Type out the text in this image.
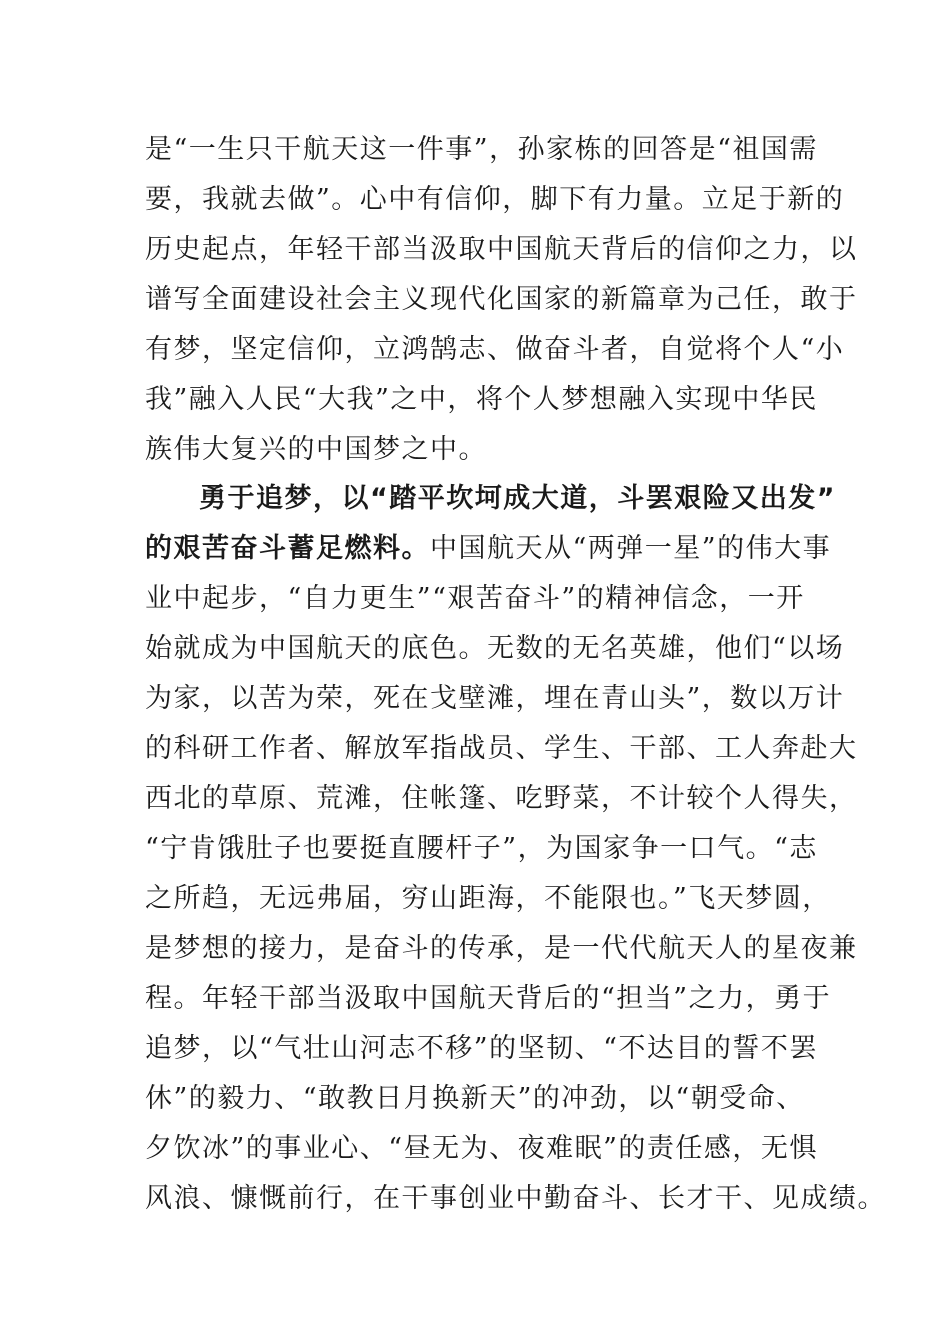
是“一生只干航天这一件事”，孙家栋的回答是“祖国需
要，我就去做”。心中有信仰，脚下有力量。立足于新的
历史起点，年轻干部当汲取中国航天背后的信仰之力，以
谱写全面建设社会主义现代化国家的新篇章为己任，敢于
有梦，坚定信仰，立鸿鹄志、做奋斗者，自觉将个人“小
我”融入人民“大我”之中，将个人梦想融入实现中华民
族伟大复兴的中国梦之中。
勇于追梦，以“踏平坎坷成大道，斗罢艰险又出发”
的艰苦奋斗蓄足燃料。中国航天从“两弹一星”的伟大事
业中起步，“自力更生”“艰苦奋斗”的精神信念，一开
始就成为中国航天的底色。无数的无名英雄，他们“以场
为家，以苦为荣，死在戈壁滩，埋在青山头”，数以万计
的科研工作者、解放军指战员、学生、干部、工人奔赴大
西北的草原、荒滩，住帐篷、吃野菜，不计较个人得失，
“宁肯饿肚子也要挺直腰杆子”，为国家争一口气。“志
之所趋，无远弗届，穷山距海，不能限也。”飞天梦圆，
是梦想的接力，是奋斗的传承，是一代代航天人的星夜兼
程。年轻干部当汲取中国航天背后的“担当”之力，勇于
追梦，以“气壮山河志不移”的坚韧、“不达目的誓不罢
休”的毅力、“敢教日月换新天”的冲劲，以“朝受命、
夕饮冰”的事业心、“昼无为、夜难眠”的责任感，无惧
风浪、慷慨前行，在干事创业中勤奋斗、长才干、见成绩。
